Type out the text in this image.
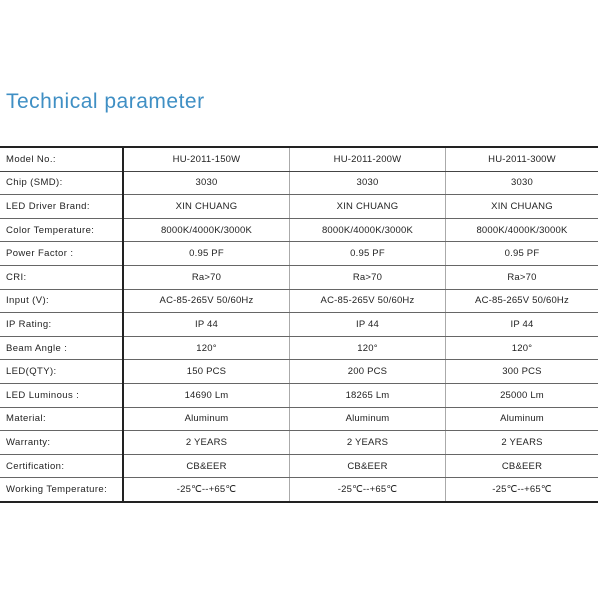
Technical parameter
Model No.:	HU-2011-150W	HU-2011-200W	HU-2011-300W
Chip (SMD):	3030	3030	3030
LED Driver Brand:	XIN CHUANG	XIN CHUANG	XIN CHUANG
Color Temperature:	8000K/4000K/3000K	8000K/4000K/3000K	8000K/4000K/3000K
Power Factor :	0.95 PF	0.95 PF	0.95 PF
CRI:	Ra>70	Ra>70	Ra>70
Input (V):	AC-85-265V 50/60Hz	AC-85-265V 50/60Hz	AC-85-265V 50/60Hz
IP Rating:	IP 44	IP 44	IP 44
Beam Angle :	120°	120°	120°
LED(QTY):	150 PCS	200 PCS	300 PCS
LED Luminous :	14690 Lm	18265 Lm	25000 Lm
Material:	Aluminum	Aluminum	Aluminum
Warranty:	2 YEARS	2 YEARS	2 YEARS
Certification:	CB&EER	CB&EER	CB&EER
Working Temperature:	-25℃--+65℃	-25℃--+65℃	-25℃--+65℃
